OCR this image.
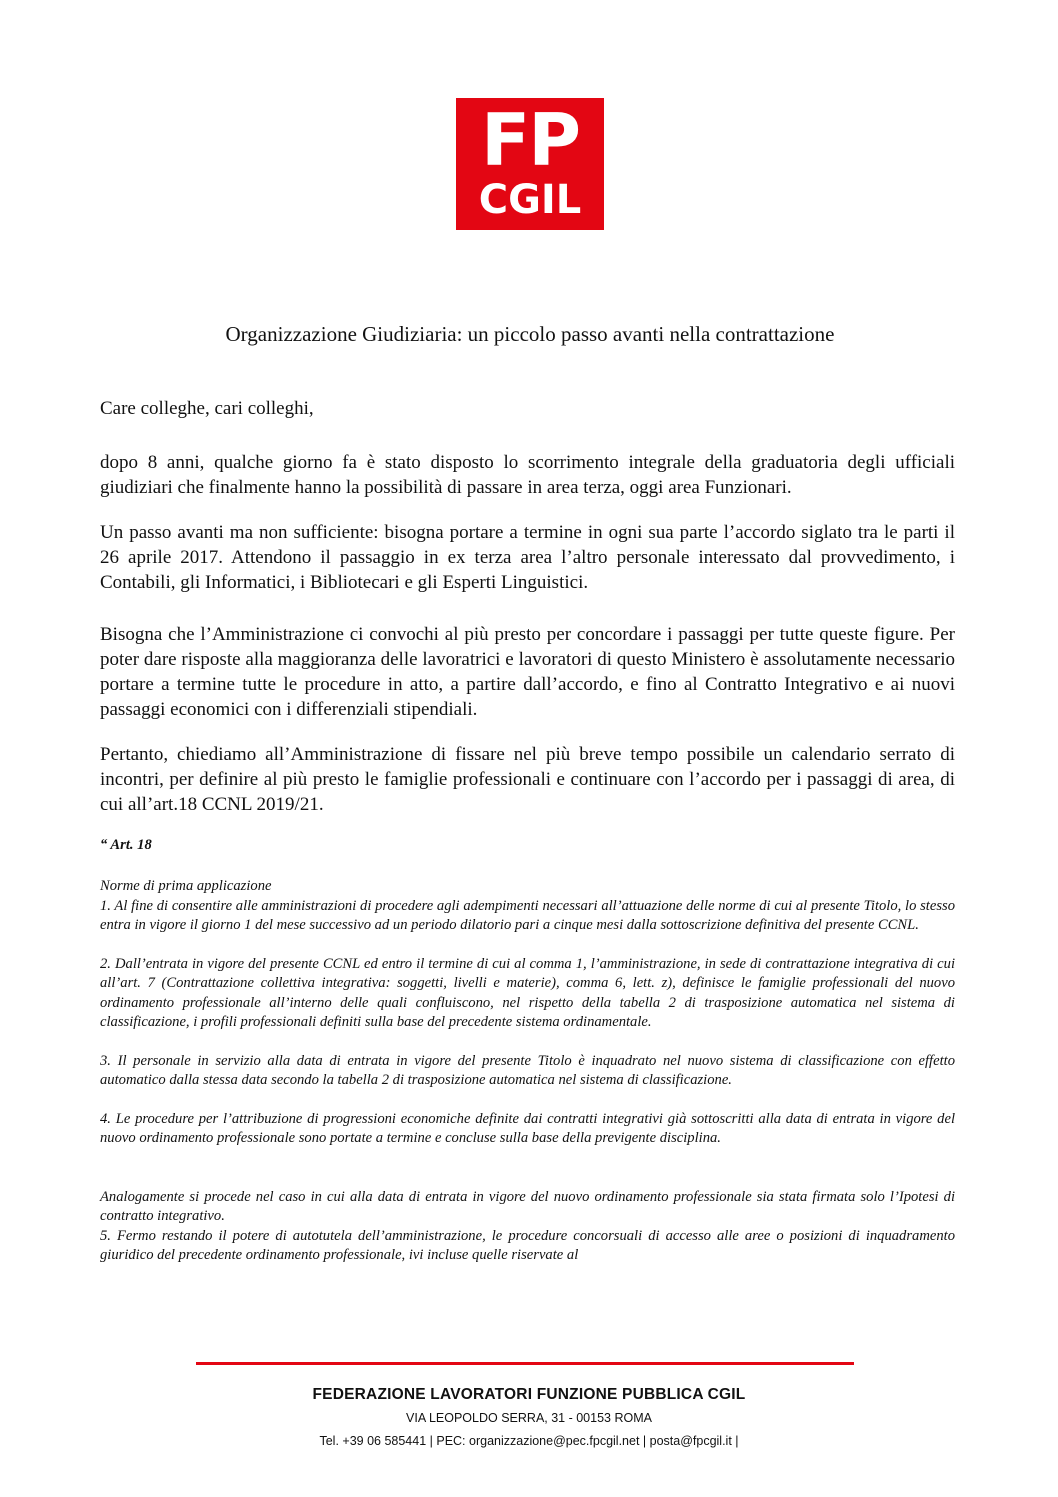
FP
CGIL
Organizzazione Giudiziaria: un piccolo passo avanti nella contrattazione

Care colleghe, cari colleghi,

dopo 8 anni, qualche giorno fa è stato disposto lo scorrimento integrale della graduatoria degli ufficiali giudiziari che finalmente hanno la possibilità di passare in area terza, oggi area Funzionari.

Un passo avanti ma non sufficiente: bisogna portare a termine in ogni sua parte l’accordo siglato tra le parti il 26 aprile 2017. Attendono il passaggio in ex terza area l’altro personale interessato dal provvedimento, i Contabili, gli Informatici, i Bibliotecari e gli Esperti Linguistici.

Bisogna che l’Amministrazione ci convochi al più presto per concordare i passaggi per tutte queste figure. Per poter dare risposte alla maggioranza delle lavoratrici e lavoratori di questo Ministero è assolutamente necessario portare a termine tutte le procedure in atto, a partire dall’accordo, e fino al Contratto Integrativo e ai nuovi passaggi economici con i differenziali stipendiali.

Pertanto, chiediamo all’Amministrazione di fissare nel più breve tempo possibile un calendario serrato di incontri, per definire al più presto le famiglie professionali e continuare con l’accordo per i passaggi di area, di cui all’art.18 CCNL 2019/21.

“ Art. 18

Norme di prima applicazione

1. Al fine di consentire alle amministrazioni di procedere agli adempimenti necessari all’attuazione delle norme di cui al presente Titolo, lo stesso entra in vigore il giorno 1 del mese successivo ad un periodo dilatorio pari a cinque mesi dalla sottoscrizione definitiva del presente CCNL.

2. Dall’entrata in vigore del presente CCNL ed entro il termine di cui al comma 1, l’amministrazione, in sede di contrattazione integrativa di cui all’art. 7 (Contrattazione collettiva integrativa: soggetti, livelli e materie), comma 6, lett. z), definisce le famiglie professionali del nuovo ordinamento professionale all’interno delle quali confluiscono, nel rispetto della tabella 2 di trasposizione automatica nel sistema di classificazione, i profili professionali definiti sulla base del precedente sistema ordinamentale.

3. Il personale in servizio alla data di entrata in vigore del presente Titolo è inquadrato nel nuovo sistema di classificazione con effetto automatico dalla stessa data secondo la tabella 2 di trasposizione automatica nel sistema di classificazione.

4. Le procedure per l’attribuzione di progressioni economiche definite dai contratti integrativi già sottoscritti alla data di entrata in vigore del nuovo ordinamento professionale sono portate a termine e concluse sulla base della previgente disciplina.

Analogamente si procede nel caso in cui alla data di entrata in vigore del nuovo ordinamento professionale sia stata firmata solo l’Ipotesi di contratto integrativo.

5. Fermo restando il potere di autotutela dell’amministrazione, le procedure concorsuali di accesso alle aree o posizioni di inquadramento giuridico del precedente ordinamento professionale, ivi incluse quelle riservate al

FEDERAZIONE LAVORATORI FUNZIONE PUBBLICA CGIL
VIA LEOPOLDO SERRA, 31 - 00153 ROMA
Tel. +39 06 585441 | PEC: organizzazione@pec.fpcgil.net | posta@fpcgil.it |
